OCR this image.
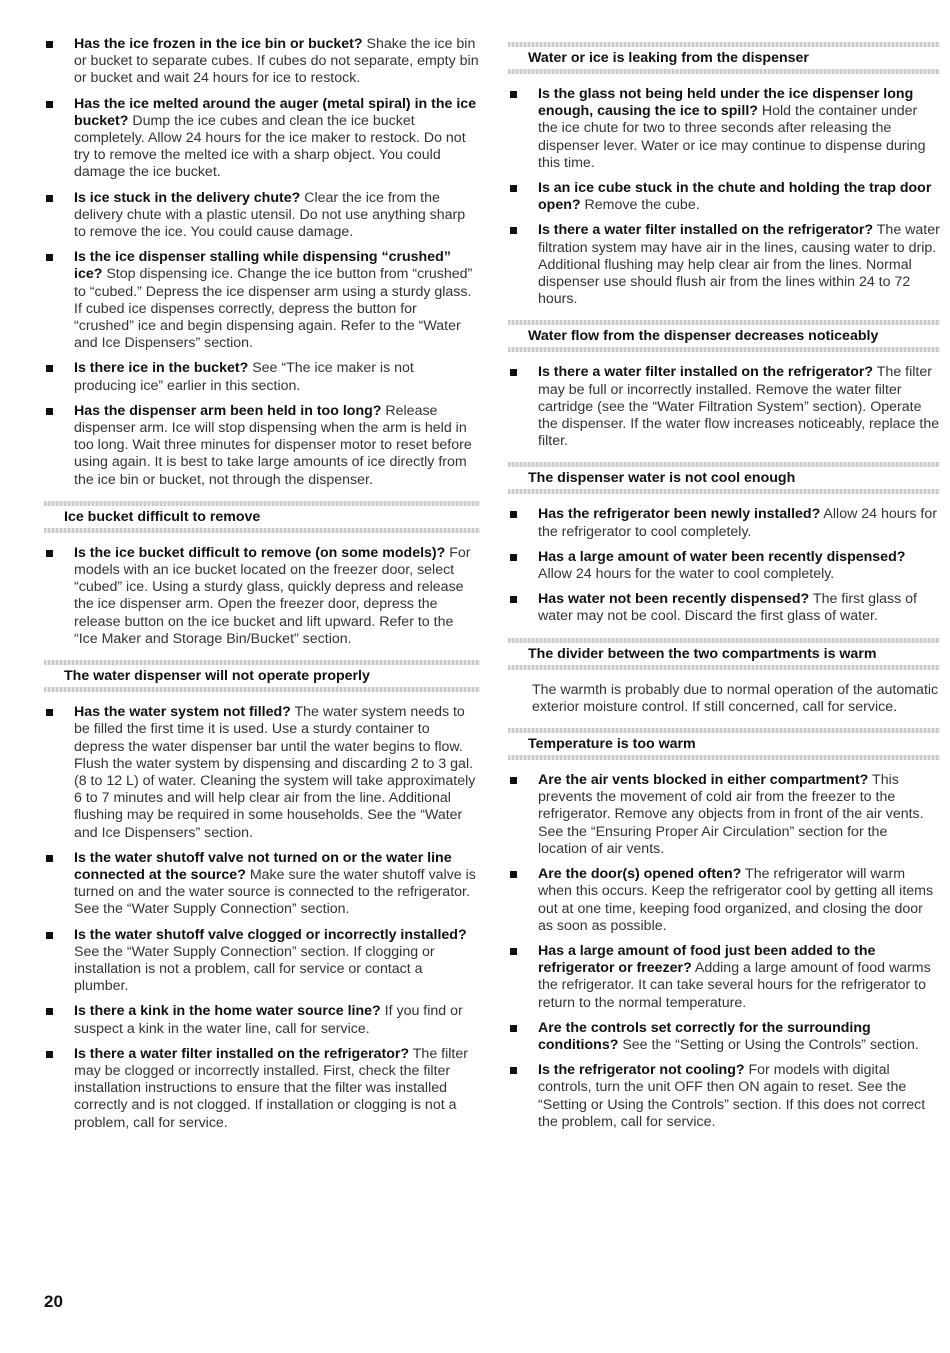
Has the ice frozen in the ice bin or bucket? Shake the ice bin or bucket to separate cubes. If cubes do not separate, empty bin or bucket and wait 24 hours for ice to restock.
Has the ice melted around the auger (metal spiral) in the ice bucket? Dump the ice cubes and clean the ice bucket completely. Allow 24 hours for the ice maker to restock. Do not try to remove the melted ice with a sharp object. You could damage the ice bucket.
Is ice stuck in the delivery chute? Clear the ice from the delivery chute with a plastic utensil. Do not use anything sharp to remove the ice. You could cause damage.
Is the ice dispenser stalling while dispensing “crushed” ice? Stop dispensing ice. Change the ice button from “crushed” to “cubed.” Depress the ice dispenser arm using a sturdy glass. If cubed ice dispenses correctly, depress the button for “crushed” ice and begin dispensing again. Refer to the “Water and Ice Dispensers” section.
Is there ice in the bucket? See “The ice maker is not producing ice” earlier in this section.
Has the dispenser arm been held in too long? Release dispenser arm. Ice will stop dispensing when the arm is held in too long. Wait three minutes for dispenser motor to reset before using again. It is best to take large amounts of ice directly from the ice bin or bucket, not through the dispenser.
Ice bucket difficult to remove
Is the ice bucket difficult to remove (on some models)? For models with an ice bucket located on the freezer door, select “cubed” ice. Using a sturdy glass, quickly depress and release the ice dispenser arm. Open the freezer door, depress the release button on the ice bucket and lift upward. Refer to the “Ice Maker and Storage Bin/Bucket” section.
The water dispenser will not operate properly
Has the water system not filled? The water system needs to be filled the first time it is used. Use a sturdy container to depress the water dispenser bar until the water begins to flow. Flush the water system by dispensing and discarding 2 to 3 gal. (8 to 12 L) of water. Cleaning the system will take approximately 6 to 7 minutes and will help clear air from the line. Additional flushing may be required in some households. See the “Water and Ice Dispensers” section.
Is the water shutoff valve not turned on or the water line connected at the source? Make sure the water shutoff valve is turned on and the water source is connected to the refrigerator. See the “Water Supply Connection” section.
Is the water shutoff valve clogged or incorrectly installed? See the “Water Supply Connection” section. If clogging or installation is not a problem, call for service or contact a plumber.
Is there a kink in the home water source line? If you find or suspect a kink in the water line, call for service.
Is there a water filter installed on the refrigerator? The filter may be clogged or incorrectly installed. First, check the filter installation instructions to ensure that the filter was installed correctly and is not clogged. If installation or clogging is not a problem, call for service.
Water or ice is leaking from the dispenser
Is the glass not being held under the ice dispenser long enough, causing the ice to spill? Hold the container under the ice chute for two to three seconds after releasing the dispenser lever. Water or ice may continue to dispense during this time.
Is an ice cube stuck in the chute and holding the trap door open? Remove the cube.
Is there a water filter installed on the refrigerator? The water filtration system may have air in the lines, causing water to drip. Additional flushing may help clear air from the lines. Normal dispenser use should flush air from the lines within 24 to 72 hours.
Water flow from the dispenser decreases noticeably
Is there a water filter installed on the refrigerator? The filter may be full or incorrectly installed. Remove the water filter cartridge (see the “Water Filtration System” section). Operate the dispenser. If the water flow increases noticeably, replace the filter.
The dispenser water is not cool enough
Has the refrigerator been newly installed? Allow 24 hours for the refrigerator to cool completely.
Has a large amount of water been recently dispensed? Allow 24 hours for the water to cool completely.
Has water not been recently dispensed? The first glass of water may not be cool. Discard the first glass of water.
The divider between the two compartments is warm
The warmth is probably due to normal operation of the automatic exterior moisture control. If still concerned, call for service.
Temperature is too warm
Are the air vents blocked in either compartment? This prevents the movement of cold air from the freezer to the refrigerator. Remove any objects from in front of the air vents. See the “Ensuring Proper Air Circulation” section for the location of air vents.
Are the door(s) opened often? The refrigerator will warm when this occurs. Keep the refrigerator cool by getting all items out at one time, keeping food organized, and closing the door as soon as possible.
Has a large amount of food just been added to the refrigerator or freezer? Adding a large amount of food warms the refrigerator. It can take several hours for the refrigerator to return to the normal temperature.
Are the controls set correctly for the surrounding conditions? See the “Setting or Using the Controls” section.
Is the refrigerator not cooling? For models with digital controls, turn the unit OFF then ON again to reset. See the “Setting or Using the Controls” section. If this does not correct the problem, call for service.
20
